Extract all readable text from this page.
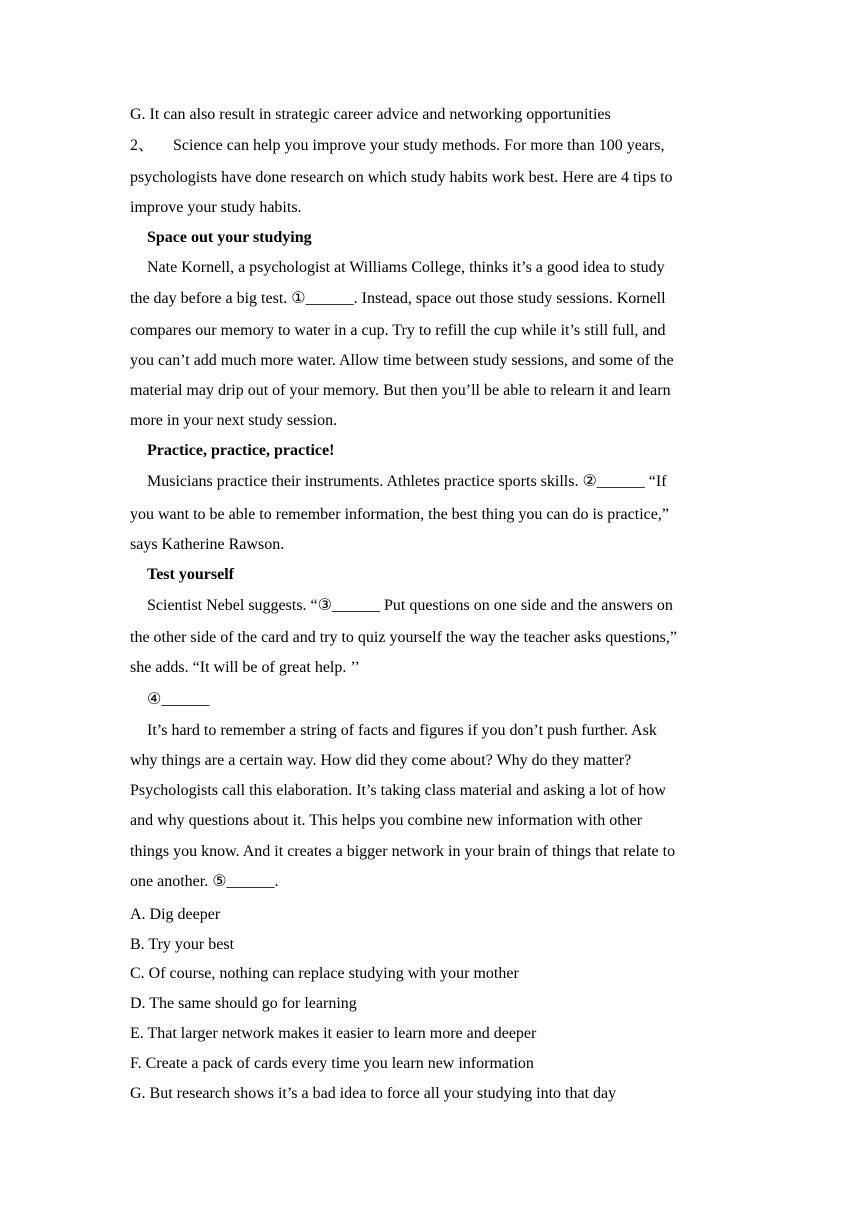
G. It can also result in strategic career advice and networking opportunities
2、 Science can help you improve your study methods. For more than 100 years,
psychologists have done research on which study habits work best. Here are 4 tips to
improve your study habits.
Space out your studying
Nate Kornell, a psychologist at Williams College, thinks it’s a good idea to study
the day before a big test. ①______. Instead, space out those study sessions. Kornell
compares our memory to water in a cup. Try to refill the cup while it’s still full, and
you can’t add much more water. Allow time between study sessions, and some of the
material may drip out of your memory. But then you’ll be able to relearn it and learn
more in your next study session.
Practice, practice, practice!
Musicians practice their instruments. Athletes practice sports skills. ②______ “If
you want to be able to remember information, the best thing you can do is practice,”
says Katherine Rawson.
Test yourself
Scientist Nebel suggests. “③______ Put questions on one side and the answers on
the other side of the card and try to quiz yourself the way the teacher asks questions,”
she adds. “It will be of great help. ’’
④______
It’s hard to remember a string of facts and figures if you don’t push further. Ask
why things are a certain way. How did they come about? Why do they matter?
Psychologists call this elaboration. It’s taking class material and asking a lot of how
and why questions about it. This helps you combine new information with other
things you know. And it creates a bigger network in your brain of things that relate to
one another. ⑤______.
A. Dig deeper
B. Try your best
C. Of course, nothing can replace studying with your mother
D. The same should go for learning
E. That larger network makes it easier to learn more and deeper
F. Create a pack of cards every time you learn new information
G. But research shows it’s a bad idea to force all your studying into that day
